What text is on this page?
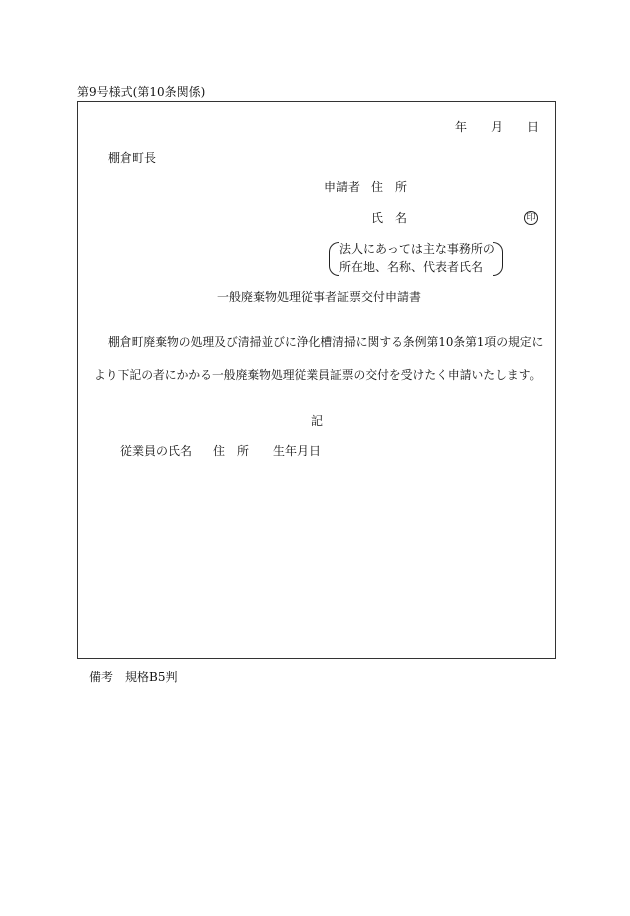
第9号様式(第10条関係)
年 月 日
棚倉町長
申請者 住　所
氏　名	印
法人にあっては主な事務所の
所在地、名称、代表者氏名
一般廃棄物処理従事者証票交付申請書
棚倉町廃棄物の処理及び清掃並びに浄化槽清掃に関する条例第10条第1項の規定に
より下記の者にかかる一般廃棄物処理従業員証票の交付を受けたく申請いたします。
記
従業員の氏名 住　所 生年月日
備考 規格B5判
